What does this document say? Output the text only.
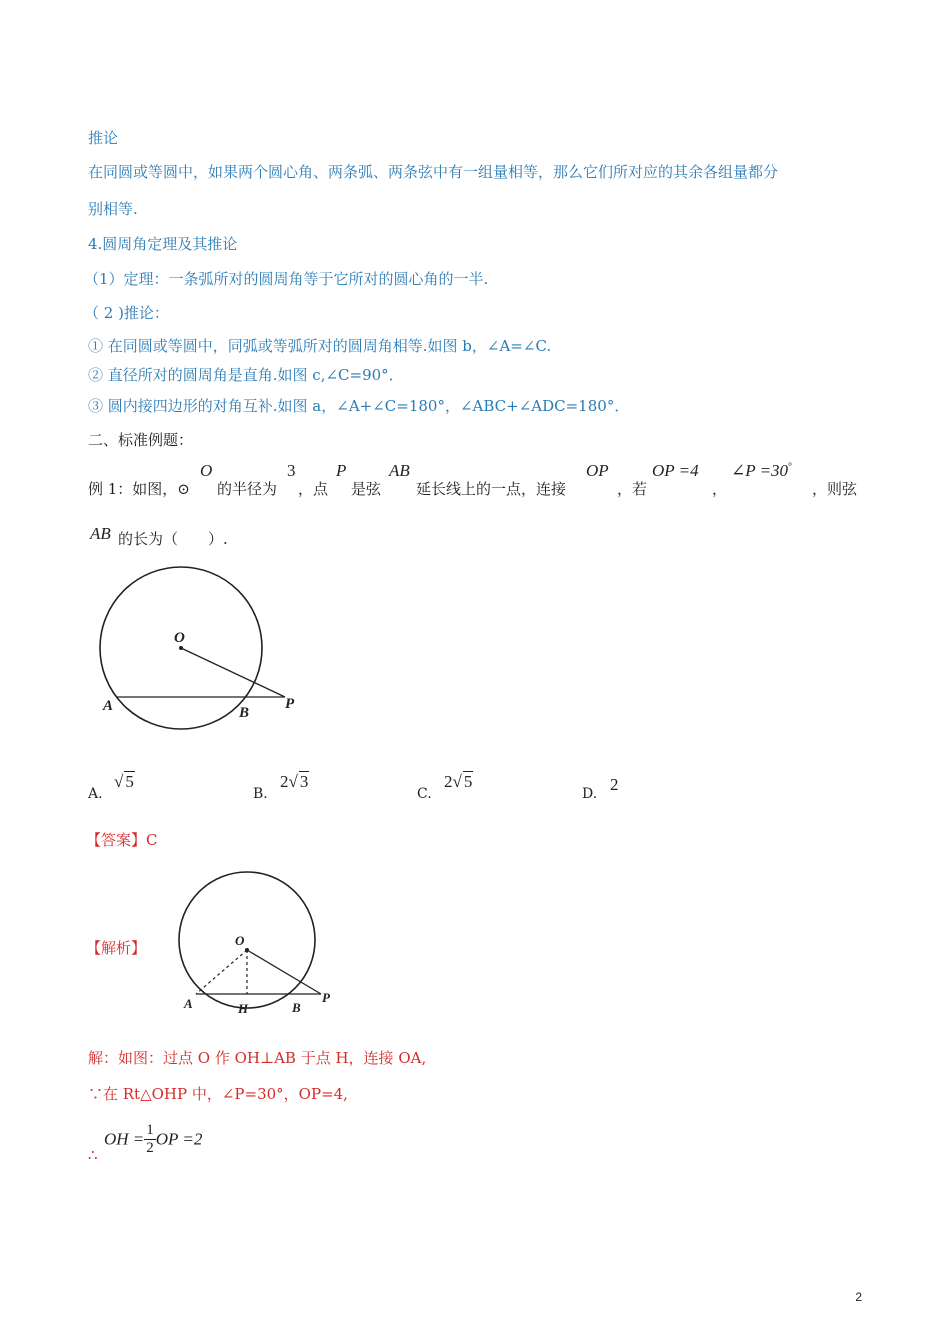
推论
在同圆或等圆中，如果两个圆心角、两条弧、两条弦中有一组量相等，那么它们所对应的其余各组量都分
别相等.
4.圆周角定理及其推论
（1）定理：一条弧所对的圆周角等于它所对的圆心角的一半.
（ 2 )推论：
① 在同圆或等圆中，同弧或等弧所对的圆周角相等.如图 b，∠A=∠C.
② 直径所对的圆周角是直角.如图 c,∠C=90°．
③ 圆内接四边形的对角互补.如图 a，∠A+∠C=180°，∠ABC+∠ADC=180°．
二、标准例题：
例 1：如图，⊙
O
的半径为
3
，点
P
是弦
AB
延长线上的一点，连接
OP
，若
OP =4
，
∠P =30°
，则弦
AB 的长为（　　）.
O
A	B
P
A.
√ 5
B.
2√ 3
C.
2√ 5
D. 2
【答案】C
【解析】	O
A	H	B
P
解：如图：过点 O 作 OH⊥AB 于点 H，连接 OA,
∵在 Rt△OHP 中，∠P=30°，OP=4,
∴
OH = $\frac{1}{2}$ OP =2
2
